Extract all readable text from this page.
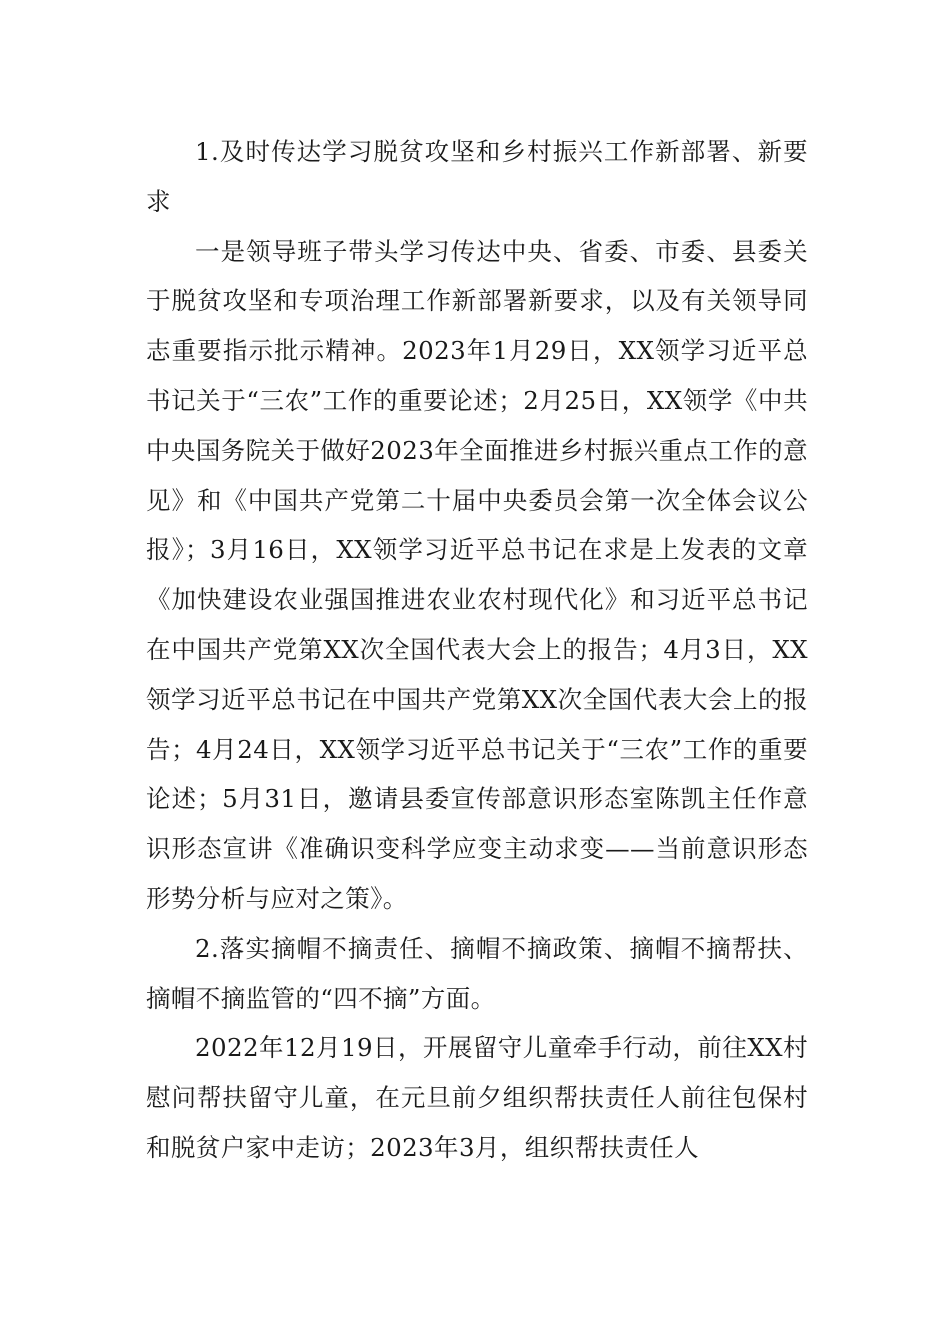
1.及时传达学习脱贫攻坚和乡村振兴工作新部署、新要求

一是领导班子带头学习传达中央、省委、市委、县委关于脱贫攻坚和专项治理工作新部署新要求，以及有关领导同志重要指示批示精神。2023年1月29日，XX领学习近平总书记关于“三农”工作的重要论述；2月25日，XX领学《中共中央国务院关于做好2023年全面推进乡村振兴重点工作的意见》和《中国共产党第二十届中央委员会第一次全体会议公报》；3月16日，XX领学习近平总书记在求是上发表的文章《加快建设农业强国推进农业农村现代化》和习近平总书记在中国共产党第XX次全国代表大会上的报告；4月3日，XX领学习近平总书记在中国共产党第XX次全国代表大会上的报告；4月24日，XX领学习近平总书记关于“三农”工作的重要论述；5月31日，邀请县委宣传部意识形态室陈凯主任作意识形态宣讲《准确识变科学应变主动求变——当前意识形态形势分析与应对之策》。

2.落实摘帽不摘责任、摘帽不摘政策、摘帽不摘帮扶、摘帽不摘监管的“四不摘”方面。

2022年12月19日，开展留守儿童牵手行动，前往XX村慰问帮扶留守儿童，在元旦前夕组织帮扶责任人前往包保村和脱贫户家中走访；2023年3月，组织帮扶责任人
